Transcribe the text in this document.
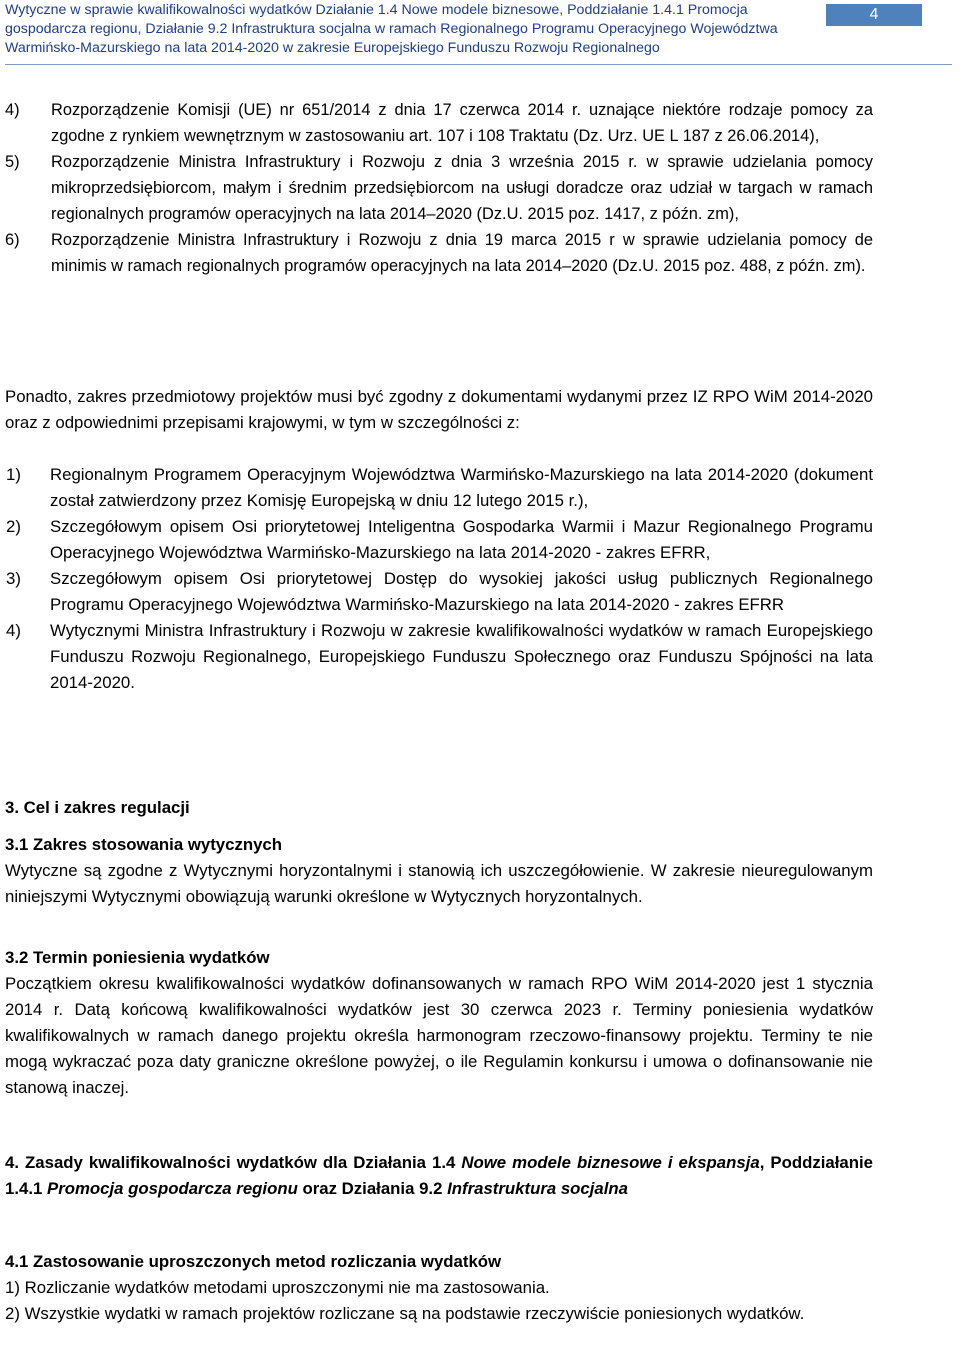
Wytyczne w sprawie kwalifikowalności wydatków Działanie 1.4 Nowe modele biznesowe, Poddziałanie 1.4.1 Promocja
gospodarcza regionu, Działanie 9.2 Infrastruktura socjalna w ramach Regionalnego Programu Operacyjnego Województwa
Warmińsko-Mazurskiego na lata 2014-2020 w zakresie Europejskiego Funduszu Rozwoju Regionalnego
4
4) Rozporządzenie Komisji (UE) nr 651/2014 z dnia 17 czerwca 2014 r. uznające niektóre rodzaje pomocy za zgodne z rynkiem wewnętrznym w zastosowaniu art. 107 i 108 Traktatu (Dz. Urz. UE L 187 z 26.06.2014),
5) Rozporządzenie Ministra Infrastruktury i Rozwoju z dnia 3 września 2015 r. w sprawie udzielania pomocy mikroprzedsiębiorcom, małym i średnim przedsiębiorcom na usługi doradcze oraz udział w targach w ramach regionalnych programów operacyjnych na lata 2014–2020 (Dz.U. 2015 poz. 1417, z późn. zm),
6) Rozporządzenie Ministra Infrastruktury i Rozwoju z dnia 19 marca 2015 r w sprawie udzielania pomocy de minimis w ramach regionalnych programów operacyjnych na lata 2014–2020 (Dz.U. 2015 poz. 488, z późn. zm).
Ponadto, zakres przedmiotowy projektów musi być zgodny z dokumentami wydanymi przez IZ RPO WiM 2014-2020 oraz z odpowiednimi przepisami krajowymi, w tym w szczególności z:
1) Regionalnym Programem Operacyjnym Województwa Warmińsko-Mazurskiego na lata 2014-2020 (dokument został zatwierdzony przez Komisję Europejską w dniu 12 lutego 2015 r.),
2) Szczegółowym opisem Osi priorytetowej Inteligentna Gospodarka Warmii i Mazur Regionalnego Programu Operacyjnego Województwa Warmińsko-Mazurskiego na lata 2014-2020 - zakres EFRR,
3) Szczegółowym opisem Osi priorytetowej Dostęp do wysokiej jakości usług publicznych Regionalnego Programu Operacyjnego Województwa Warmińsko-Mazurskiego na lata 2014-2020 - zakres EFRR
4) Wytycznymi Ministra Infrastruktury i Rozwoju w zakresie kwalifikowalności wydatków w ramach Europejskiego Funduszu Rozwoju Regionalnego, Europejskiego Funduszu Społecznego oraz Funduszu Spójności na lata 2014-2020.
3. Cel i zakres regulacji
3.1 Zakres stosowania wytycznych
Wytyczne są zgodne z Wytycznymi horyzontalnymi i stanowią ich uszczegółowienie. W zakresie nieuregulowanym niniejszymi Wytycznymi obowiązują warunki określone w Wytycznych horyzontalnych.
3.2 Termin poniesienia wydatków
Początkiem okresu kwalifikowalności wydatków dofinansowanych w ramach RPO WiM 2014-2020 jest 1 stycznia 2014 r. Datą końcową kwalifikowalności wydatków jest 30 czerwca 2023 r. Terminy poniesienia wydatków kwalifikowalnych w ramach danego projektu określa harmonogram rzeczowo-finansowy projektu. Terminy te nie mogą wykraczać poza daty graniczne określone powyżej, o ile Regulamin konkursu i umowa o dofinansowanie nie stanową inaczej.
4. Zasady kwalifikowalności wydatków dla Działania 1.4 Nowe modele biznesowe i ekspansja, Poddziałanie 1.4.1 Promocja gospodarcza regionu oraz Działania 9.2 Infrastruktura socjalna
4.1 Zastosowanie uproszczonych metod rozliczania wydatków
1) Rozliczanie wydatków metodami uproszczonymi nie ma zastosowania.
2) Wszystkie wydatki w ramach projektów rozliczane są na podstawie rzeczywiście poniesionych wydatków.
